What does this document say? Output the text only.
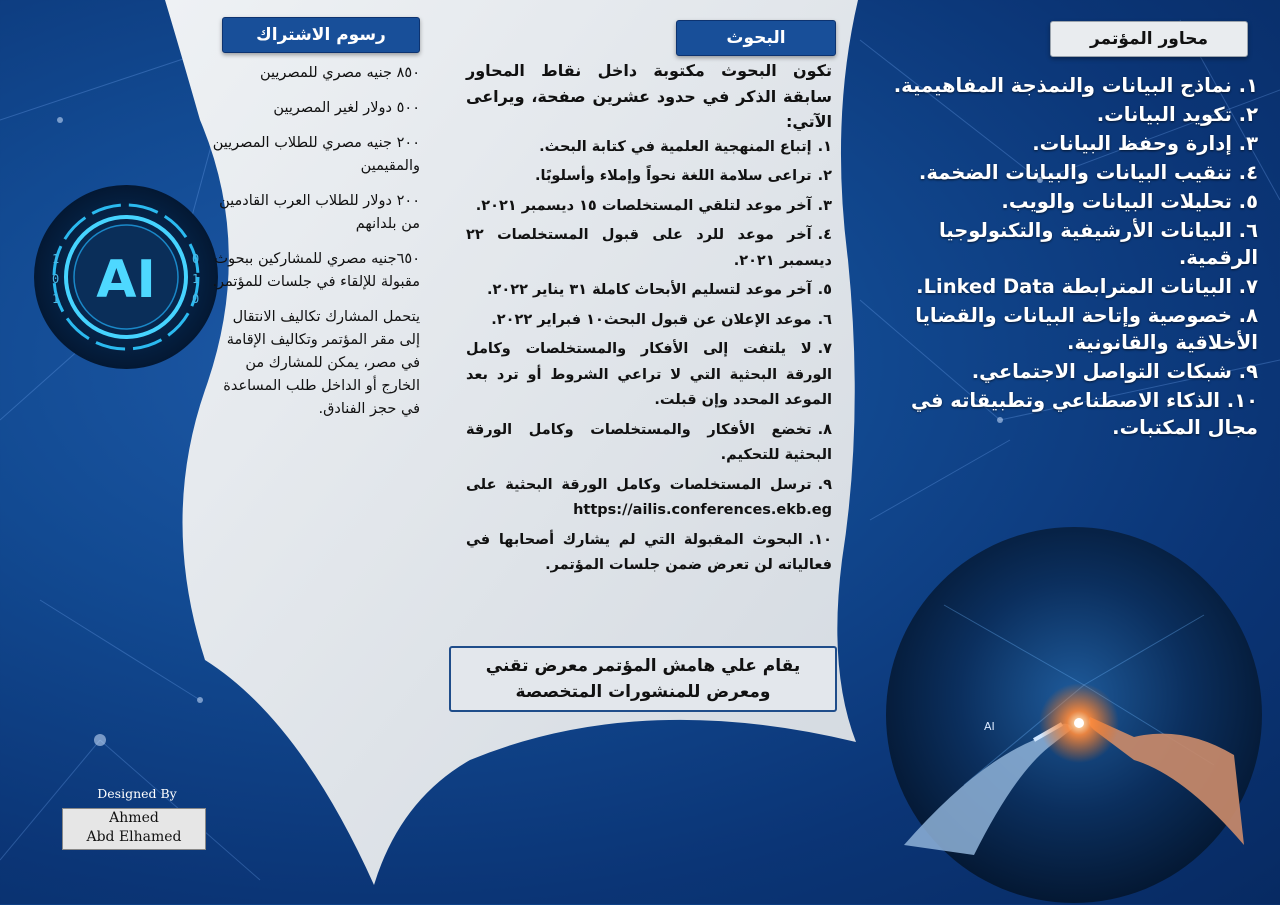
AI
1
0
1
0
1
0
AI
رسوم الاشتراك	البحوث	محاور المؤتمر
٨٥٠ جنيه مصري للمصريين
٥٠٠ دولار لغير المصريين
٢٠٠ جنيه مصري للطلاب المصريين والمقيمين
٢٠٠ دولار للطلاب العرب القادمين من بلدانهم
٦٥٠جنيه مصري للمشاركين ببحوث مقبولة للإلقاء في جلسات للمؤتمر.
يتحمل المشارك تكاليف الانتقال إلى مقر المؤتمر وتكاليف الإقامة في مصر، يمكن للمشارك من الخارج أو الداخل طلب المساعدة في حجز الفنادق.
تكون البحوث مكتوبة داخل نقاط المحاور سابقة الذكر في حدود عشرين صفحة، ويراعى الآتي:
١.إتباع المنهجية العلمية في كتابة البحث.
٢.تراعى سلامة اللغة نحواً وإملاء وأسلوبًا.
٣.آخر موعد لتلقي المستخلصات ١٥ ديسمبر ٢٠٢١.
٤.آخر موعد للرد على قبول المستخلصات ٢٢ ديسمبر ٢٠٢١.
٥.آخر موعد لتسليم الأبحاث كاملة ٣١ يناير ٢٠٢٢.
٦.موعد الإعلان عن قبول البحث١٠ فبراير ٢٠٢٢.
٧.لا يلتفت إلى الأفكار والمستخلصات وكامل الورقة البحثية التي لا تراعي الشروط أو ترد بعد الموعد المحدد وإن قبلت.
٨.تخضع الأفكار والمستخلصات وكامل الورقة البحثية للتحكيم.
٩.ترسل المستخلصات وكامل الورقة البحثية على https://ailis.conferences.ekb.eg
١٠.البحوث المقبولة التي لم يشارك أصحابها في فعالياته لن تعرض ضمن جلسات المؤتمر.
يقام علي هامش المؤتمر معرض تقني
ومعرض للمنشورات المتخصصة
١. نماذج البيانات والنمذجة المفاهيمية.
٢. تكويد البيانات.
٣. إدارة وحفظ البيانات.
٤. تنقيب البيانات والبيانات الضخمة.
٥. تحليلات البيانات والويب.
٦. البيانات الأرشيفية والتكنولوجيا الرقمية.
٧. البيانات المترابطة Linked Data.
٨. خصوصية وإتاحة البيانات والقضايا الأخلاقية والقانونية.
٩. شبكات التواصل الاجتماعي.
١٠. الذكاء الاصطناعي وتطبيقاته في مجال المكتبات.
Designed By
Ahmed
Abd Elhamed
